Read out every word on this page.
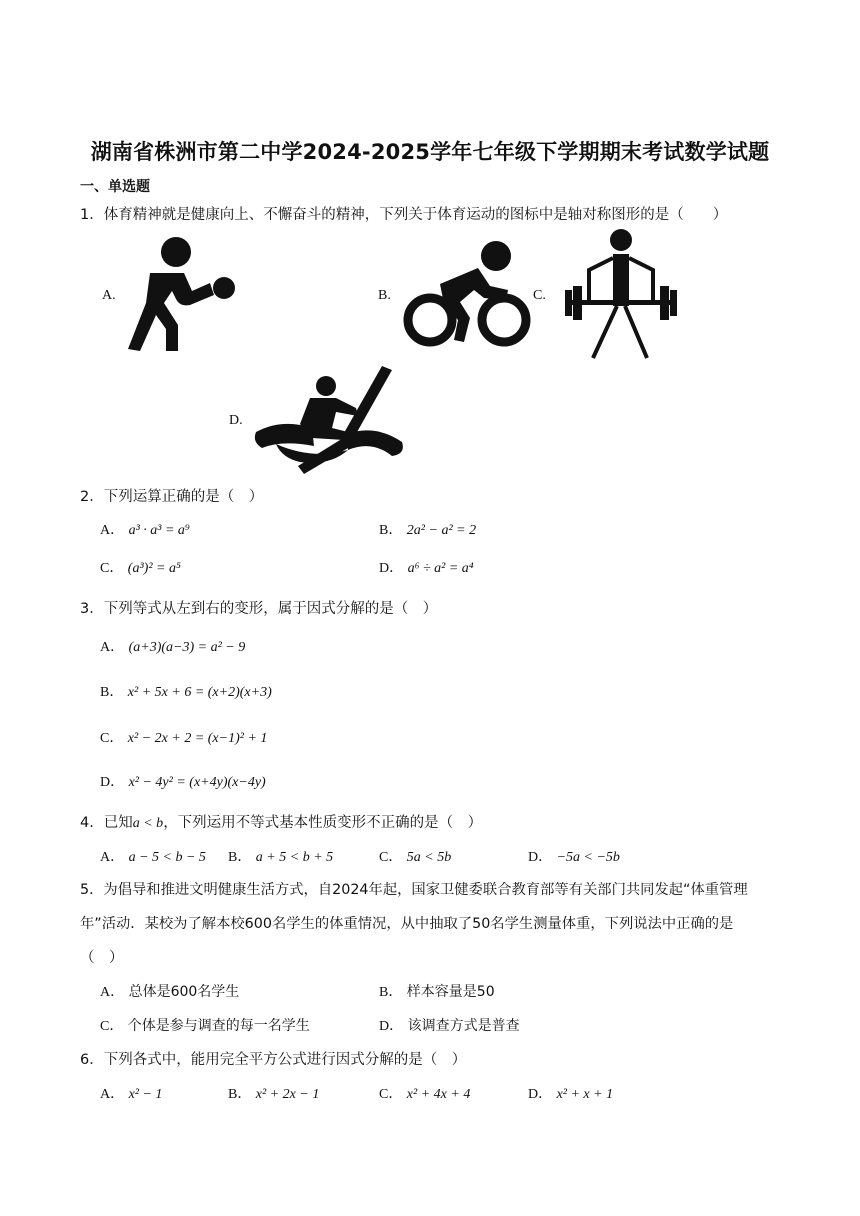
湖南省株洲市第二中学2024-2025学年七年级下学期期末考试数学试题
一、单选题
1．体育精神就是健康向上、不懈奋斗的精神，下列关于体育运动的图标中是轴对称图形的是（　　）
A.	B.	C.
D.
2．下列运算正确的是（　）
A． a³ · a³ = a⁹	B． 2a² − a² = 2
C． (a³)² = a⁵	D． a⁶ ÷ a² = a⁴
3．下列等式从左到右的变形，属于因式分解的是（　）
A． (a+3)(a−3) = a² − 9
B． x² + 5x + 6 = (x+2)(x+3)
C． x² − 2x + 2 = (x−1)² + 1
D． x² − 4y² = (x+4y)(x−4y)
4．已知a < b，下列运用不等式基本性质变形不正确的是（　）
A． a − 5 < b − 5 B． a + 5 < b + 5	C． 5a < 5b	D． −5a < −5b
5．为倡导和推进文明健康生活方式，自2024年起，国家卫健委联合教育部等有关部门共同发起“体重管理
年”活动．某校为了解本校600名学生的体重情况，从中抽取了50名学生测量体重，下列说法中正确的是
（　）
A． 总体是600名学生	B． 样本容量是50
C． 个体是参与调查的每一名学生	D． 该调查方式是普查
6．下列各式中，能用完全平方公式进行因式分解的是（　）
A． x² − 1	B． x² + 2x − 1	C． x² + 4x + 4	D． x² + x + 1
